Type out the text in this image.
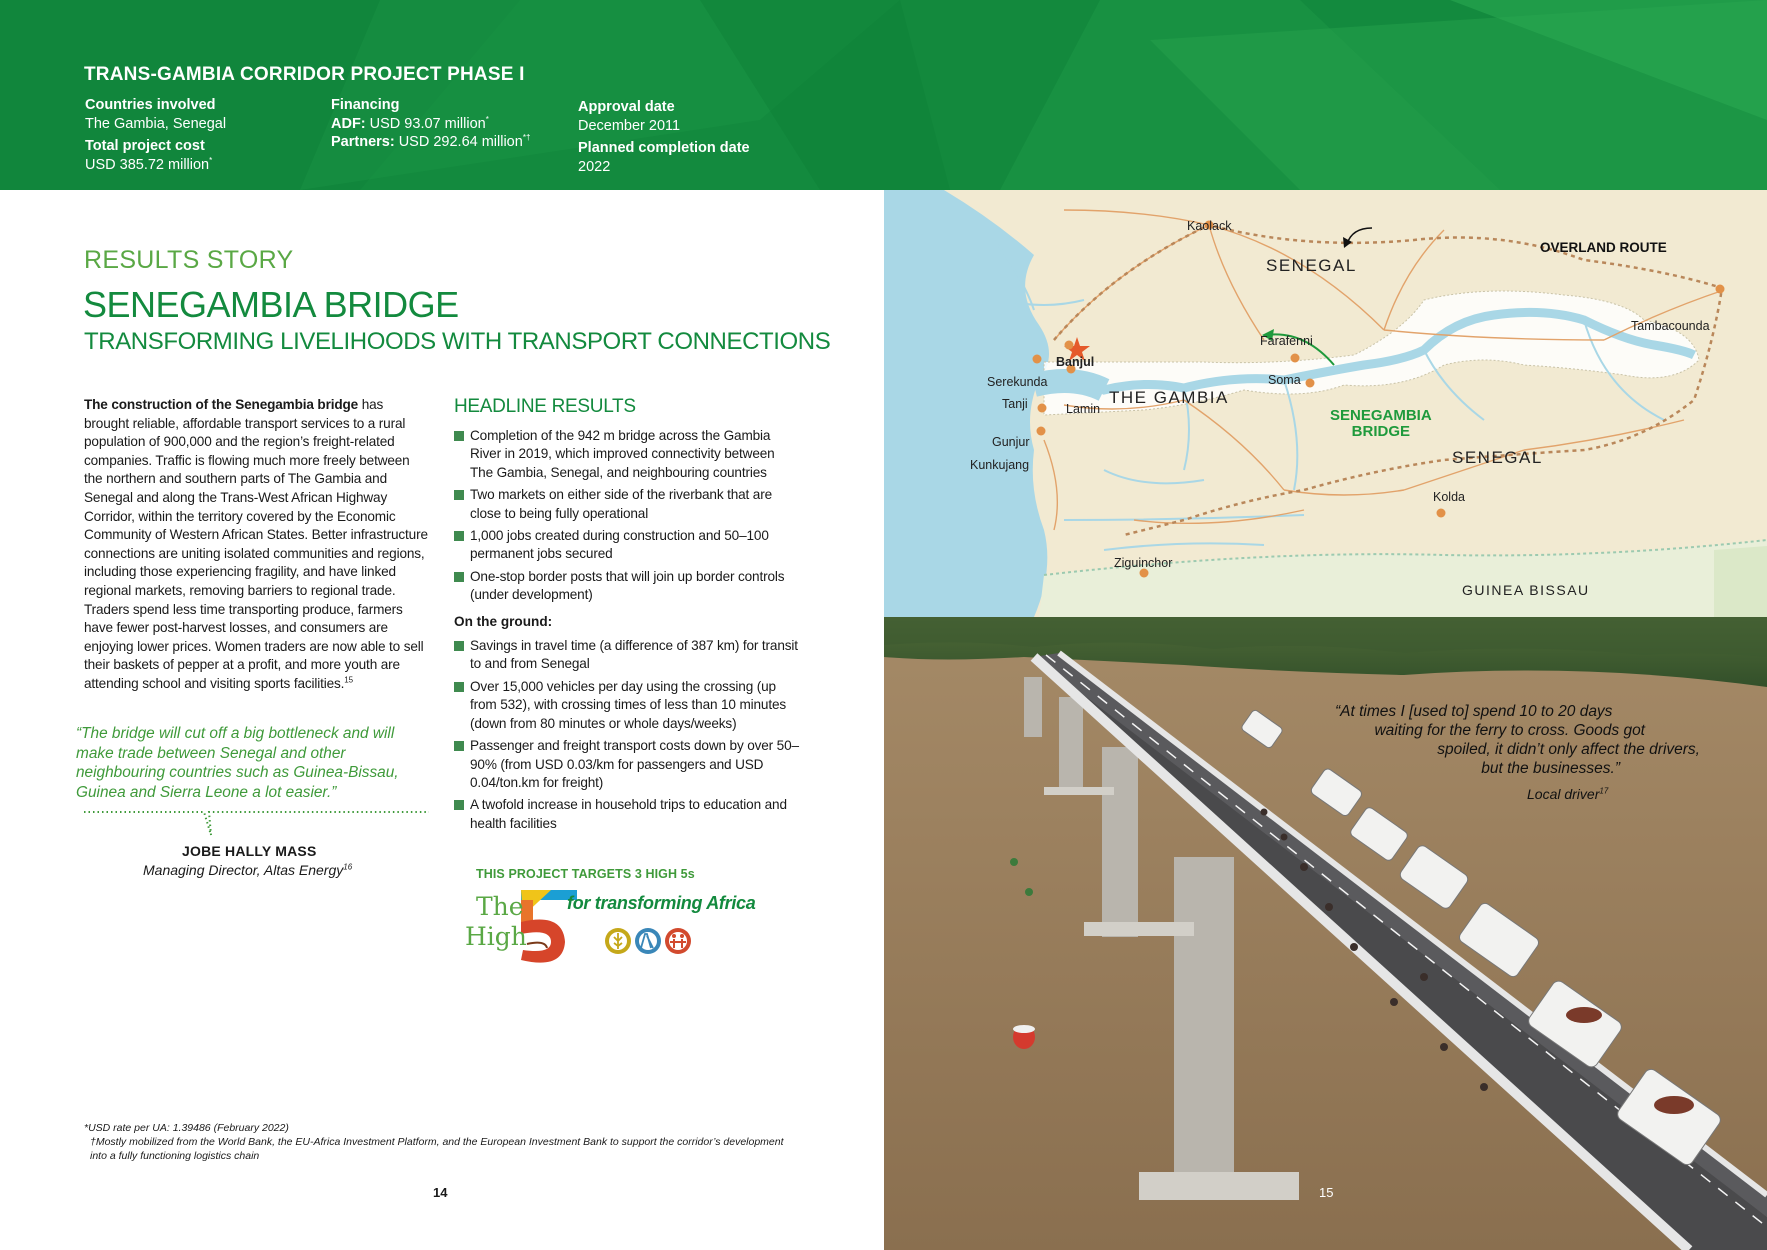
TRANS-GAMBIA CORRIDOR PROJECT PHASE I
Countries involved
The Gambia, Senegal
Total project cost
USD 385.72 million*
Financing
ADF: USD 93.07 million*
Partners: USD 292.64 million*†
Approval date
December 2011
Planned completion date
2022
RESULTS STORY
SENEGAMBIA BRIDGE
TRANSFORMING LIVELIHOODS WITH TRANSPORT CONNECTIONS
The construction of the Senegambia bridge has brought reliable, affordable transport services to a rural population of 900,000 and the region’s freight-related companies. Traffic is flowing much more freely between the northern and southern parts of The Gambia and Senegal and along the Trans-West African Highway Corridor, within the territory covered by the Economic Community of Western African States. Better infrastructure connections are uniting isolated communities and regions, including those experiencing fragility, and have linked regional markets, removing barriers to regional trade. Traders spend less time transporting produce, farmers have fewer post-harvest losses, and consumers are enjoying lower prices. Women traders are now able to sell their baskets of pepper at a profit, and more youth are attending school and visiting sports facilities.$^{15}$
“The bridge will cut off a big bottleneck and will make trade between Senegal and other neighbouring countries such as Guinea-Bissau, Guinea and Sierra Leone a lot easier.”
JOBE HALLY MASS
Managing Director, Altas Energy$^{16}$
HEADLINE RESULTS
Completion of the 942 m bridge across the Gambia River in 2019, which improved connectivity between The Gambia, Senegal, and neighbouring countries
Two markets on either side of the riverbank that are close to being fully operational
1,000 jobs created during construction and 50–100 permanent jobs secured
One-stop border posts that will join up border controls (under development)
On the ground:
Savings in travel time (a difference of 387 km) for transit to and from Senegal
Over 15,000 vehicles per day using the crossing (up from 532), with crossing times of less than 10 minutes (down from 80 minutes or whole days/weeks)
Passenger and freight transport costs down by over 50–90% (from USD 0.03/km for passengers and USD 0.04/ton.km for freight)
A twofold increase in household trips to education and health facilities
THIS PROJECT TARGETS 3 HIGH 5s
The
High
for transforming Africa
*USD rate per UA: 1.39486 (February 2022)
†Mostly mobilized from the World Bank, the EU-Africa Investment Platform, and the European Investment Bank to support the corridor’s development into a fully functioning logistics chain
14
SENEGAL
THE GAMBIA
SENEGAL
GUINEA BISSAU
Kaolack
Tambacounda
Farafenni
Banjul
Serekunda
Tanji	Lamin
Soma
Gunjur
Kunkujang
Kolda
Ziguinchor
OVERLAND ROUTE
SENEGAMBIA
BRIDGE
“At times I [used to] spend 10 to 20 days
waiting for the ferry to cross. Goods got
spoiled, it didn’t only affect the drivers,
but the businesses.”
Local driver$^{17}$
15
